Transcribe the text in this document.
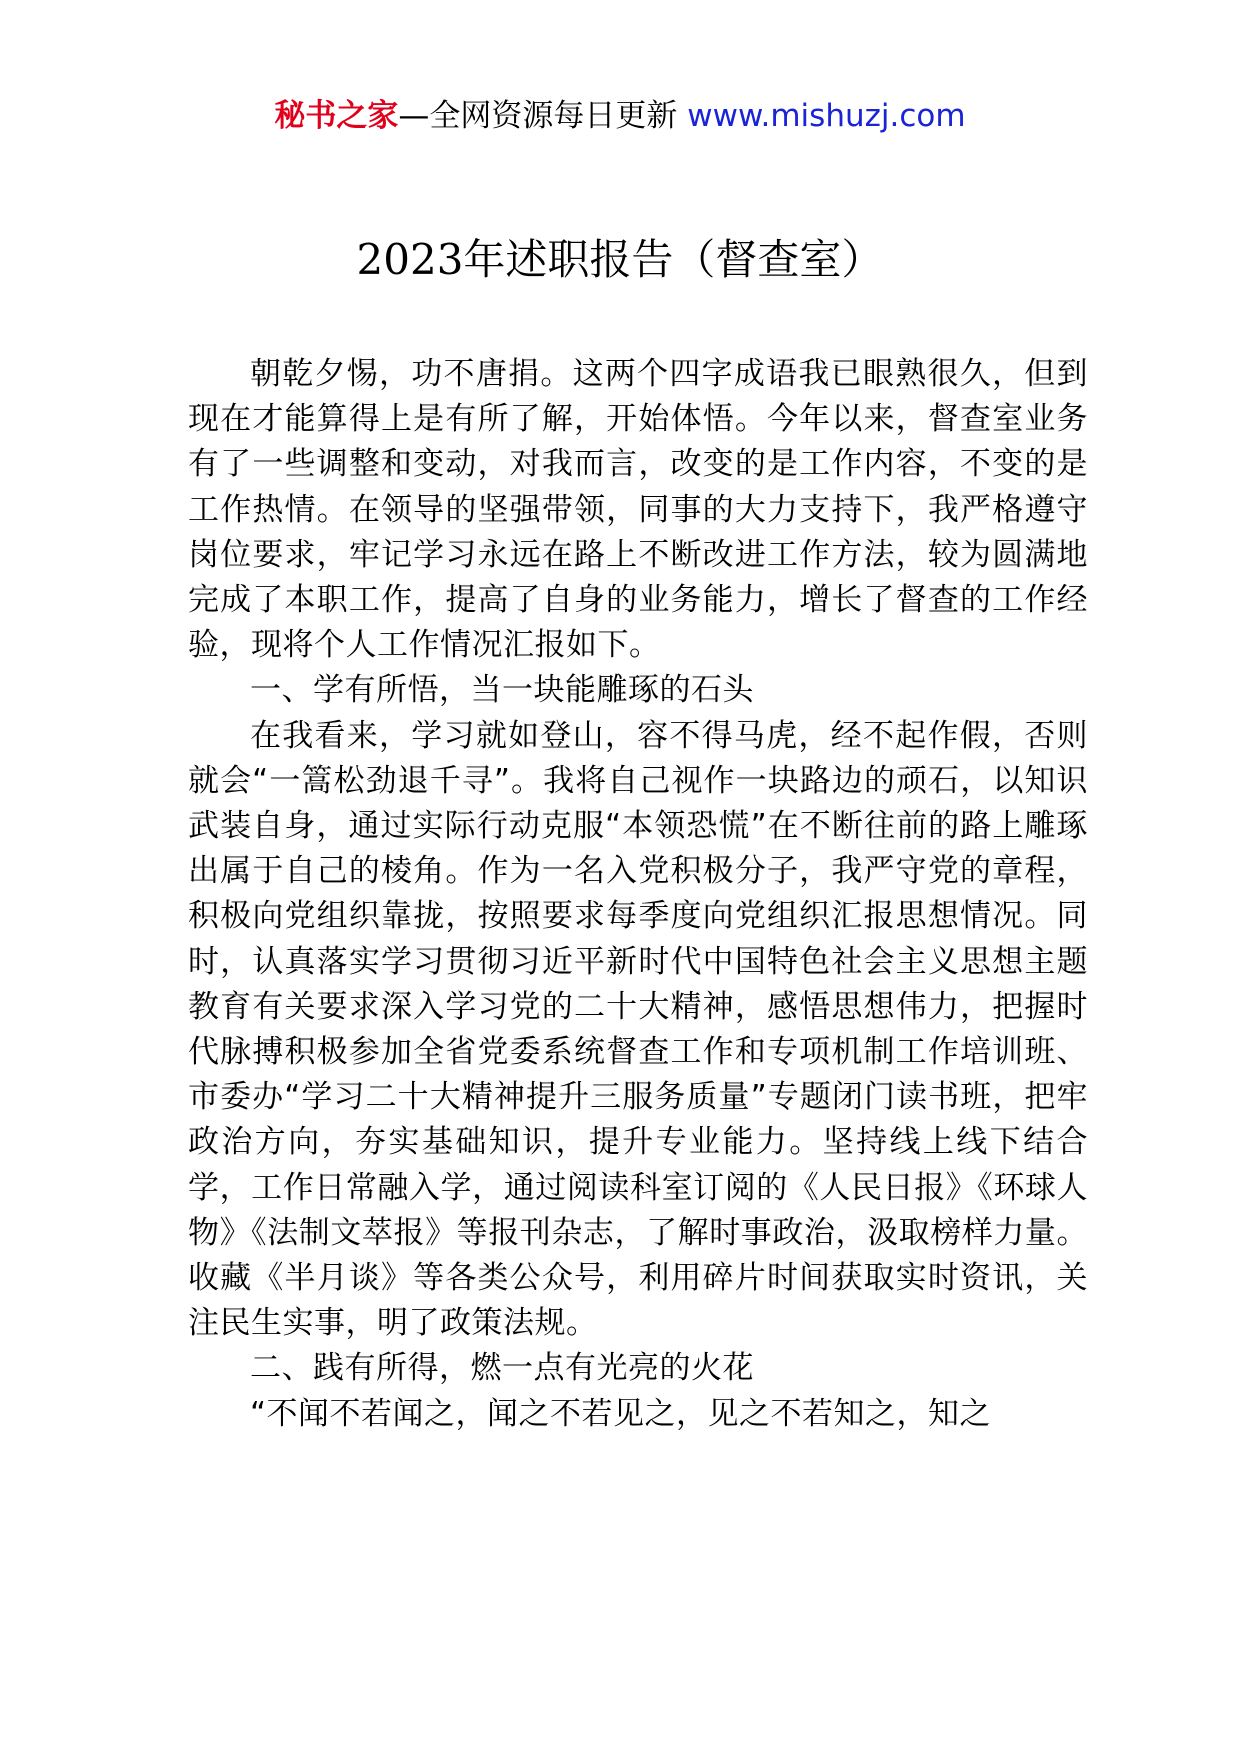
秘书之家—全网资源每日更新 www.mishuzj.com
2023年述职报告（督查室）

朝乾夕惕，功不唐捐。这两个四字成语我已眼熟很久，但到现在才能算得上是有所了解，开始体悟。今年以来，督查室业务有了一些调整和变动，对我而言，改变的是工作内容，不变的是工作热情。在领导的坚强带领，同事的大力支持下，我严格遵守岗位要求，牢记学习永远在路上不断改进工作方法，较为圆满地完成了本职工作，提高了自身的业务能力，增长了督查的工作经验，现将个人工作情况汇报如下。

一、学有所悟，当一块能雕琢的石头

在我看来，学习就如登山，容不得马虎，经不起作假，否则就会“一篙松劲退千寻”。我将自己视作一块路边的顽石，以知识武装自身，通过实际行动克服“本领恐慌”在不断往前的路上雕琢出属于自己的棱角。作为一名入党积极分子，我严守党的章程，积极向党组织靠拢，按照要求每季度向党组织汇报思想情况。同时，认真落实学习贯彻习近平新时代中国特色社会主义思想主题教育有关要求深入学习党的二十大精神，感悟思想伟力，把握时代脉搏积极参加全省党委系统督查工作和专项机制工作培训班、市委办“学习二十大精神提升三服务质量”专题闭门读书班，把牢政治方向，夯实基础知识，提升专业能力。坚持线上线下结合学，工作日常融入学，通过阅读科室订阅的《人民日报》《环球人物》《法制文萃报》等报刊杂志，了解时事政治，汲取榜样力量。收藏《半月谈》等各类公众号，利用碎片时间获取实时资讯，关注民生实事，明了政策法规。

二、践有所得，燃一点有光亮的火花

“不闻不若闻之，闻之不若见之，见之不若知之，知之
